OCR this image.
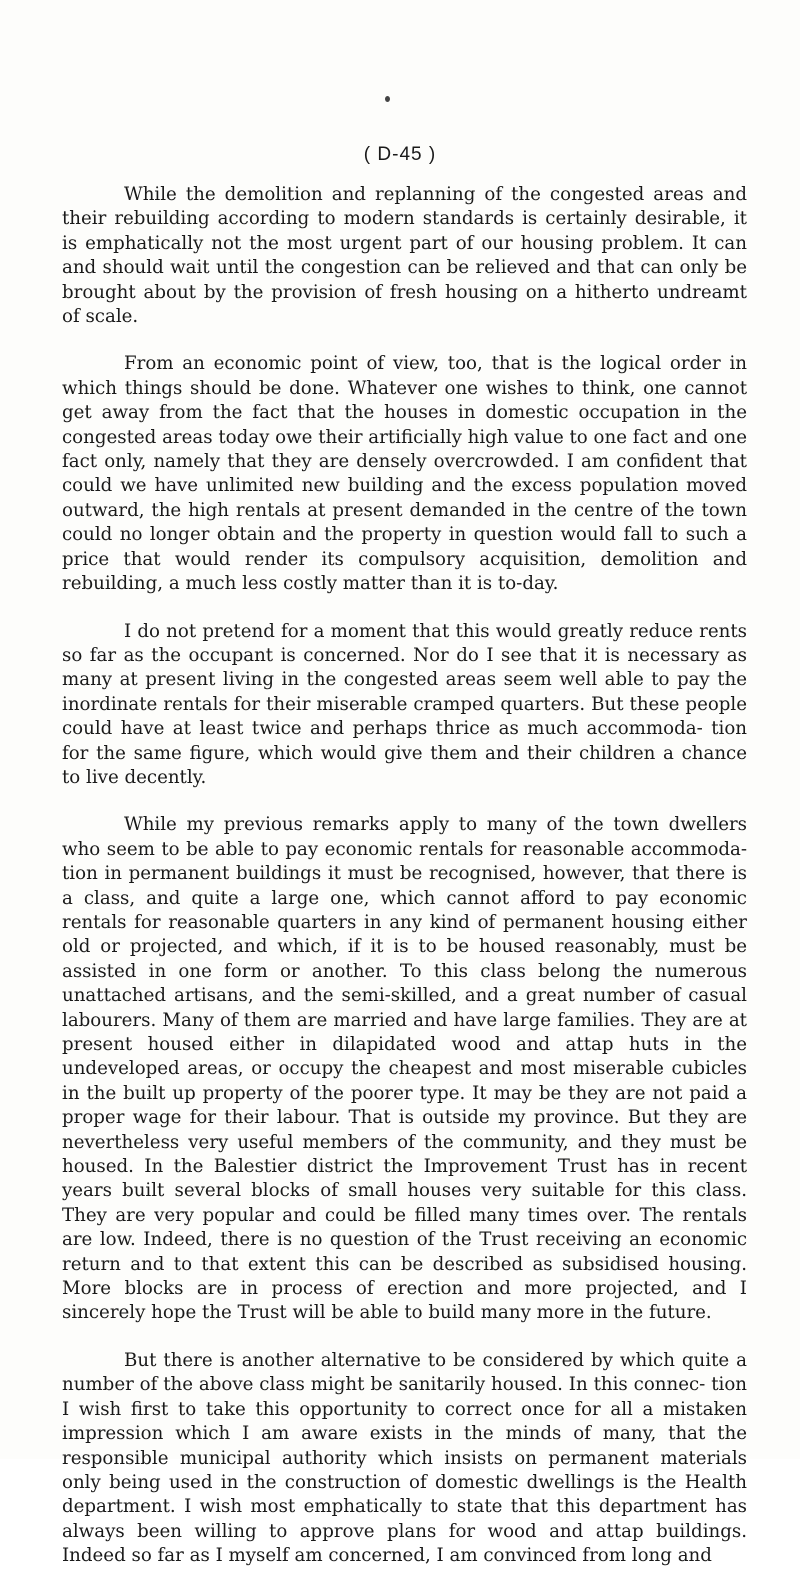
( D-45 )

While the demolition and replanning of the congested areas and their rebuilding according to modern standards is certainly desirable, it is emphatically not the most urgent part of our housing problem. It can and should wait until the congestion can be relieved and that can only be brought about by the provision of fresh housing on a hitherto undreamt of scale.

From an economic point of view, too, that is the logical order in which things should be done. Whatever one wishes to think, one cannot get away from the fact that the houses in domestic occupation in the congested areas today owe their artificially high value to one fact and one fact only, namely that they are densely overcrowded. I am confident that could we have unlimited new building and the excess population moved outward, the high rentals at present demanded in the centre of the town could no longer obtain and the property in question would fall to such a price that would render its compulsory acquisition, demolition and rebuilding, a much less costly matter than it is to-day.

I do not pretend for a moment that this would greatly reduce rents so far as the occupant is concerned. Nor do I see that it is necessary as many at present living in the congested areas seem well able to pay the inordinate rentals for their miserable cramped quarters. But these people could have at least twice and perhaps thrice as much accommoda- tion for the same figure, which would give them and their children a chance to live decently.

While my previous remarks apply to many of the town dwellers who seem to be able to pay economic rentals for reasonable accommoda- tion in permanent buildings it must be recognised, however, that there is a class, and quite a large one, which cannot afford to pay economic rentals for reasonable quarters in any kind of permanent housing either old or projected, and which, if it is to be housed reasonably, must be assisted in one form or another. To this class belong the numerous unattached artisans, and the semi-skilled, and a great number of casual labourers. Many of them are married and have large families. They are at present housed either in dilapidated wood and attap huts in the undeveloped areas, or occupy the cheapest and most miserable cubicles in the built up property of the poorer type. It may be they are not paid a proper wage for their labour. That is outside my province. But they are nevertheless very useful members of the community, and they must be housed. In the Balestier district the Improvement Trust has in recent years built several blocks of small houses very suitable for this class. They are very popular and could be filled many times over. The rentals are low. Indeed, there is no question of the Trust receiving an economic return and to that extent this can be described as subsidised housing. More blocks are in process of erection and more projected, and I sincerely hope the Trust will be able to build many more in the future.

But there is another alternative to be considered by which quite a number of the above class might be sanitarily housed. In this connec- tion I wish first to take this opportunity to correct once for all a mistaken impression which I am aware exists in the minds of many, that the responsible municipal authority which insists on permanent materials only being used in the construction of domestic dwellings is the Health department. I wish most emphatically to state that this department has always been willing to approve plans for wood and attap buildings. Indeed so far as I myself am concerned, I am convinced from long and
